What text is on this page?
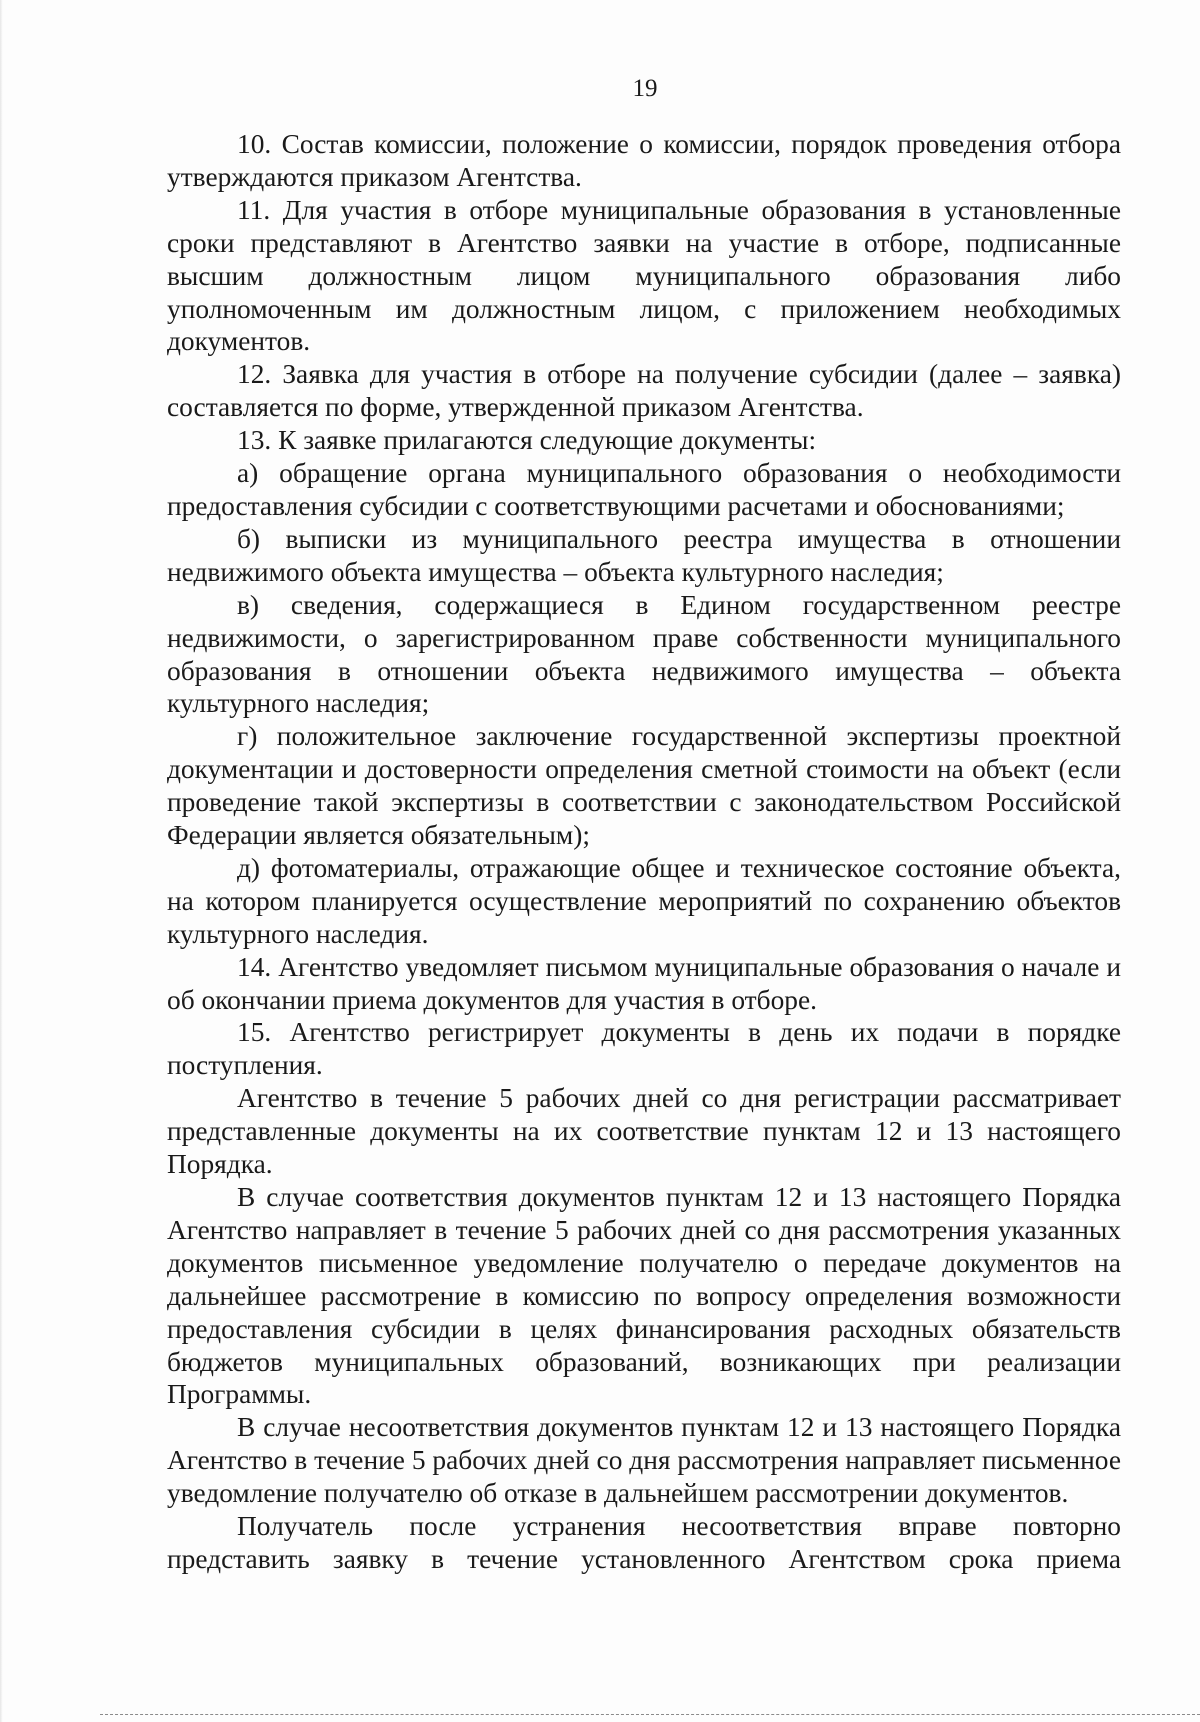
19

10. Состав комиссии, положение о комиссии, порядок проведения отбора утверждаются приказом Агентства.

11. Для участия в отборе муниципальные образования в установленные сроки представляют в Агентство заявки на участие в отборе, подписанные высшим должностным лицом муниципального образования либо уполномоченным им должностным лицом, с приложением необходимых документов.

12. Заявка для участия в отборе на получение субсидии (далее – заявка) составляется по форме, утвержденной приказом Агентства.

13. К заявке прилагаются следующие документы:

а) обращение органа муниципального образования о необходимости предоставления субсидии с соответствующими расчетами и обоснованиями;

б) выписки из муниципального реестра имущества в отношении недвижимого объекта имущества – объекта культурного наследия;

в) сведения, содержащиеся в Едином государственном реестре недвижимости, о зарегистрированном праве собственности муниципального образования в отношении объекта недвижимого имущества – объекта культурного наследия;

г) положительное заключение государственной экспертизы проектной документации и достоверности определения сметной стоимости на объект (если проведение такой экспертизы в соответствии с законодательством Российской Федерации является обязательным);

д) фотоматериалы, отражающие общее и техническое состояние объекта, на котором планируется осуществление мероприятий по сохранению объектов культурного наследия.

14. Агентство уведомляет письмом муниципальные образования о начале и об окончании приема документов для участия в отборе.

15. Агентство регистрирует документы в день их подачи в порядке поступления.

Агентство в течение 5 рабочих дней со дня регистрации рассматривает представленные документы на их соответствие пунктам 12 и 13 настоящего Порядка.

В случае соответствия документов пунктам 12 и 13 настоящего Порядка Агентство направляет в течение 5 рабочих дней со дня рассмотрения указанных документов письменное уведомление получателю о передаче документов на дальнейшее рассмотрение в комиссию по вопросу определения возможности предоставления субсидии в целях финансирования расходных обязательств бюджетов муниципальных образований, возникающих при реализации Программы.

В случае несоответствия документов пунктам 12 и 13 настоящего Порядка Агентство в течение 5 рабочих дней со дня рассмотрения направляет письменное уведомление получателю об отказе в дальнейшем рассмотрении документов.

Получатель после устранения несоответствия вправе повторно представить заявку в течение установленного Агентством срока приема
